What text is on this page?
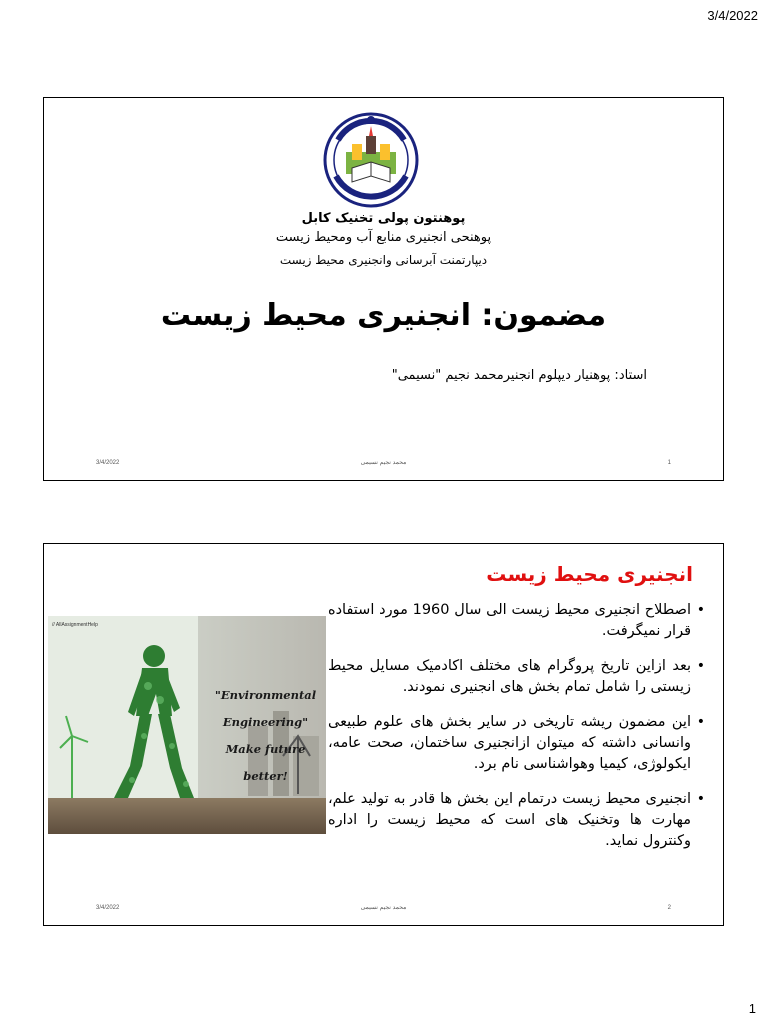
3/4/2022
پوهنتون پولی تخنیک کابل
پوهنحی انجنیری منابع آب ومحیط زیست
دیپارتمنت آبرسانی وانجنیری محیط زیست
مضمون: انجنیری محیط زیست
استاد: پوهنیار دیپلوم انجنیرمحمد نجیم "نسیمی"
3/4/2022	محمد نجیم نسیمی	1
انجنیری محیط زیست
// AllAssignmentHelp
"Environmental
Engineering"
Make future
better!
• اصطلاح انجنیری محیط زیست الی سال 1960 مورد استفاده قرار نمیگرفت.
• بعد ازاین تاریخ پروگرام های مختلف اکادمیک مسایل محیط زیستی را شامل تمام بخش های انجنیری نمودند.
• این مضمون ریشه تاریخی در سایر بخش های علوم طبیعی وانسانی داشته که میتوان ازانجنیری ساختمان، صحت عامه، ایکولوژی، کیمیا وهواشناسی نام برد.
• انجنیری محیط زیست درتمام این بخش ها قادر به تولید علم، مهارت ها وتخنیک های است که محیط زیست را اداره وکنترول نماید.
3/4/2022	محمد نجیم نسیمی	2
1
